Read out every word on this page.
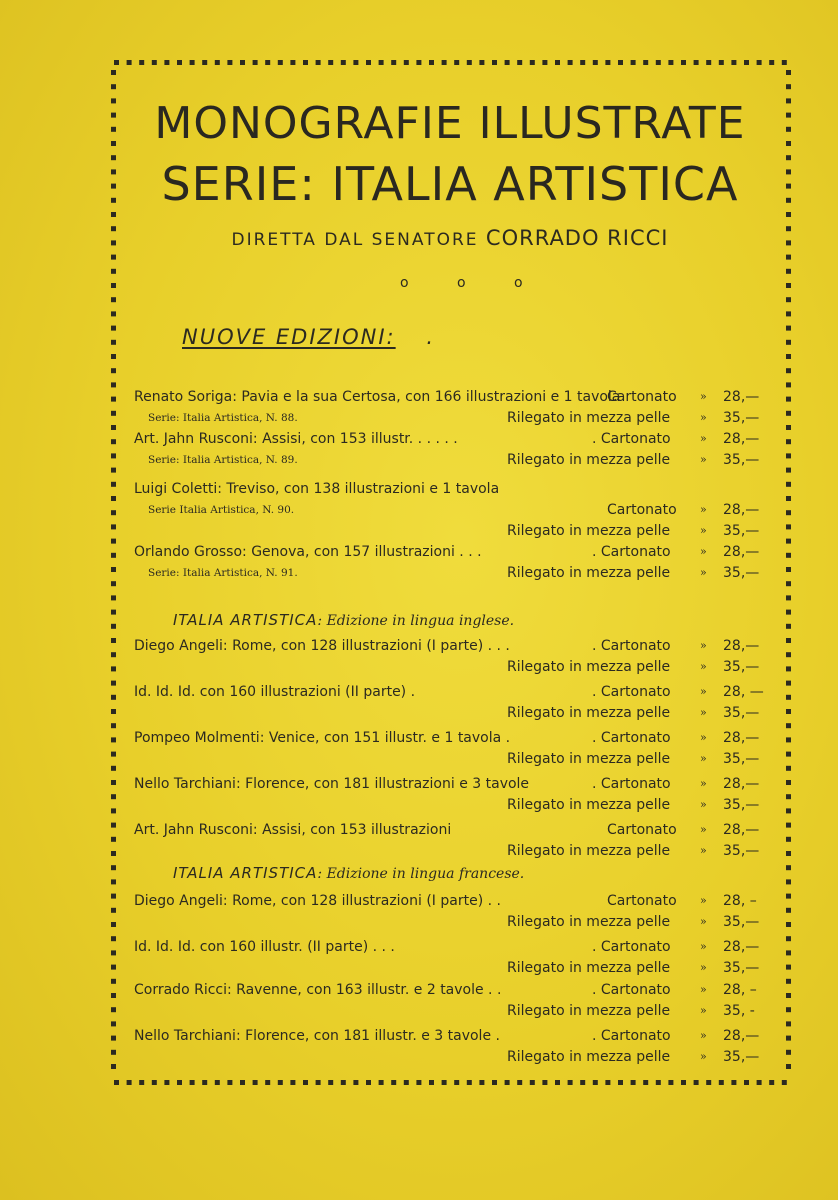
MONOGRAFIE ILLUSTRATE
SERIE: ITALIA ARTISTICA
DIRETTA DAL SENATORE CORRADO RICCI
o o o
NUOVE EDIZIONI: .
Renato Soriga: Pavia e la sua Certosa, con 166 illustrazioni e 1 tavola
Cartonato » 28,—
Serie: Italia Artistica, N. 88.	Rilegato in mezza pelle	» 35,—
Art. Jahn Rusconi: Assisi, con 153 illustr. . . . . .	. Cartonato	» 28,—
Serie: Italia Artistica, N. 89.	Rilegato in mezza pelle	» 35,—
Luigi Coletti: Treviso, con 138 illustrazioni e 1 tavola
Serie Italia Artistica, N. 90.	Cartonato » 28,—
Rilegato in mezza pelle	» 35,—
Orlando Grosso: Genova, con 157 illustrazioni . . .	. Cartonato	» 28,—
Serie: Italia Artistica, N. 91.	Rilegato in mezza pelle	» 35,—
ITALIA ARTISTICA: Edizione in lingua inglese.
Diego Angeli: Rome, con 128 illustrazioni (I parte) . . .	. Cartonato	» 28,—
Rilegato in mezza pelle	» 35,—
Id. Id. Id. con 160 illustrazioni (II parte) .	. Cartonato	» 28, —
Rilegato in mezza pelle	» 35,—
Pompeo Molmenti: Venice, con 151 illustr. e 1 tavola .	. Cartonato	» 28,—
Rilegato in mezza pelle	» 35,—
Nello Tarchiani: Florence, con 181 illustrazioni e 3 tavole	. Cartonato	» 28,—
Rilegato in mezza pelle	» 35,—
Art. Jahn Rusconi: Assisi, con 153 illustrazioni	Cartonato » 28,—
Rilegato in mezza pelle	» 35,—
ITALIA ARTISTICA: Edizione in lingua francese.
Diego Angeli: Rome, con 128 illustrazioni (I parte) . .	Cartonato » 28, –
Rilegato in mezza pelle	» 35,—
Id. Id. Id. con 160 illustr. (II parte) . . .	. Cartonato	» 28,—
Rilegato in mezza pelle	» 35,—
Corrado Ricci: Ravenne, con 163 illustr. e 2 tavole . .	. Cartonato	» 28, –
Rilegato in mezza pelle	» 35, -
Nello Tarchiani: Florence, con 181 illustr. e 3 tavole .	. Cartonato	» 28,—
Rilegato in mezza pelle	» 35,—
